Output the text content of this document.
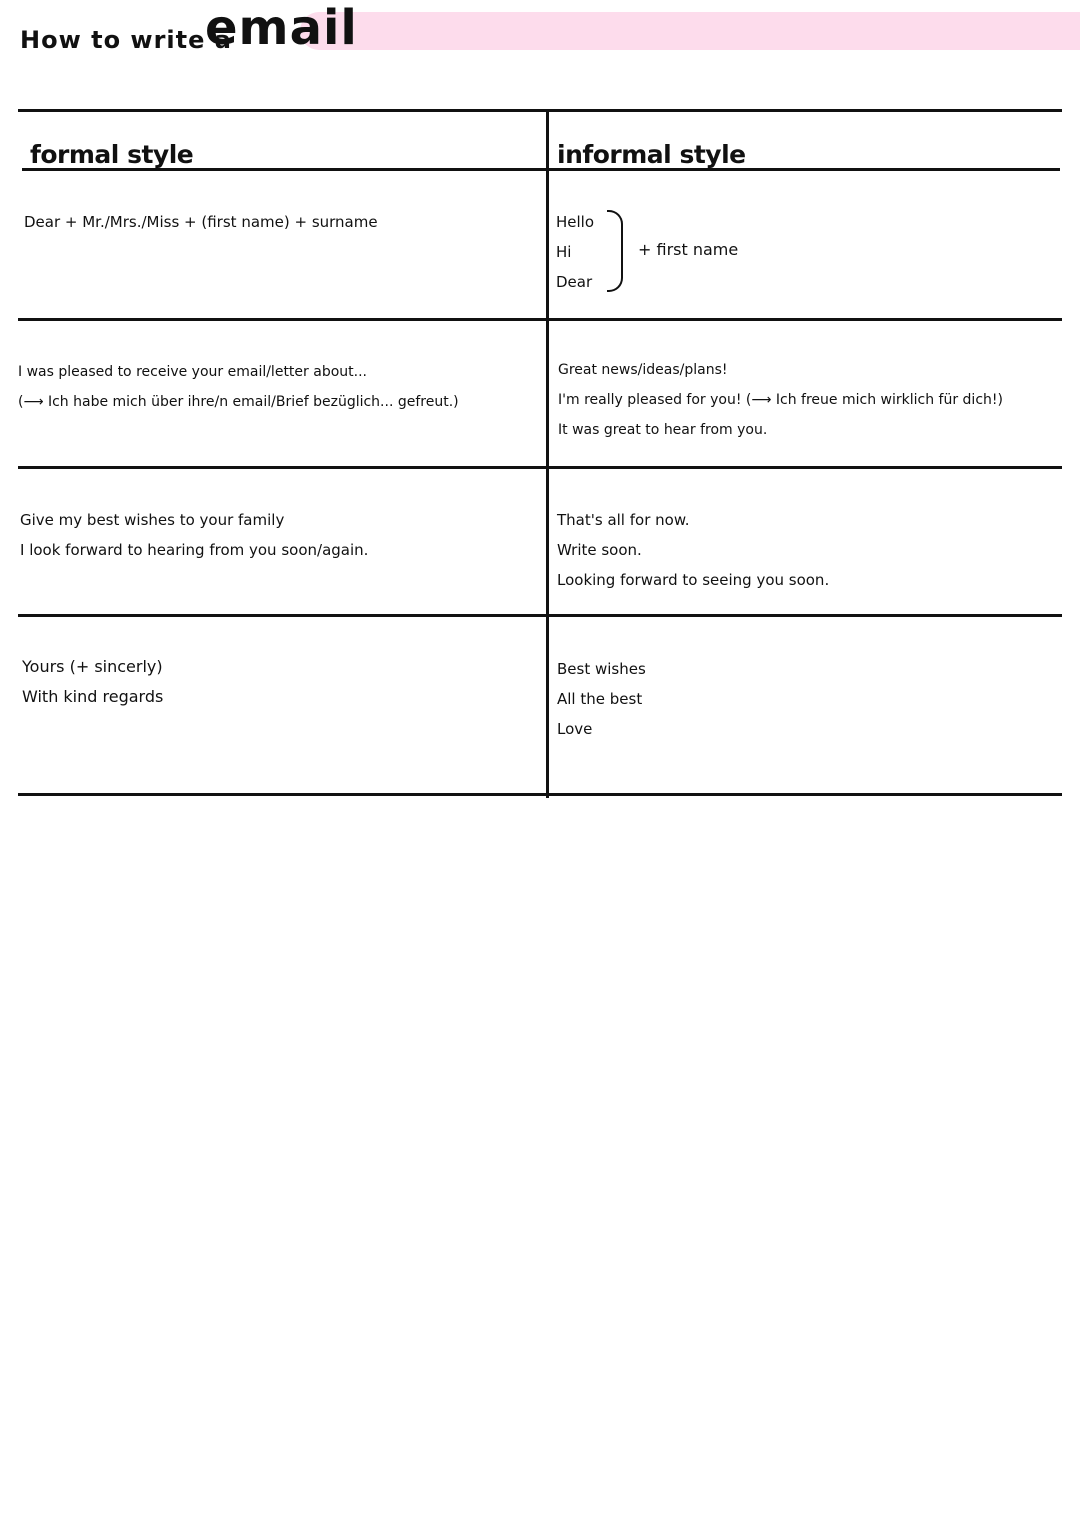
How to write a
email
formal style	informal style
Dear + Mr./Mrs./Miss + (first name) + surname	Hello
Hi
Dear
+ first name
I was pleased to receive your email/letter about...
(⟶ Ich habe mich über ihre/n email/Brief bezüglich... gefreut.)
Great news/ideas/plans!
I'm really pleased for you! (⟶ Ich freue mich wirklich für dich!)
It was great to hear from you.
Give my best wishes to your family
I look forward to hearing from you soon/again.
That's all for now.
Write soon.
Looking forward to seeing you soon.
Yours (+ sincerly)
With kind regards
Best wishes
All the best
Love
